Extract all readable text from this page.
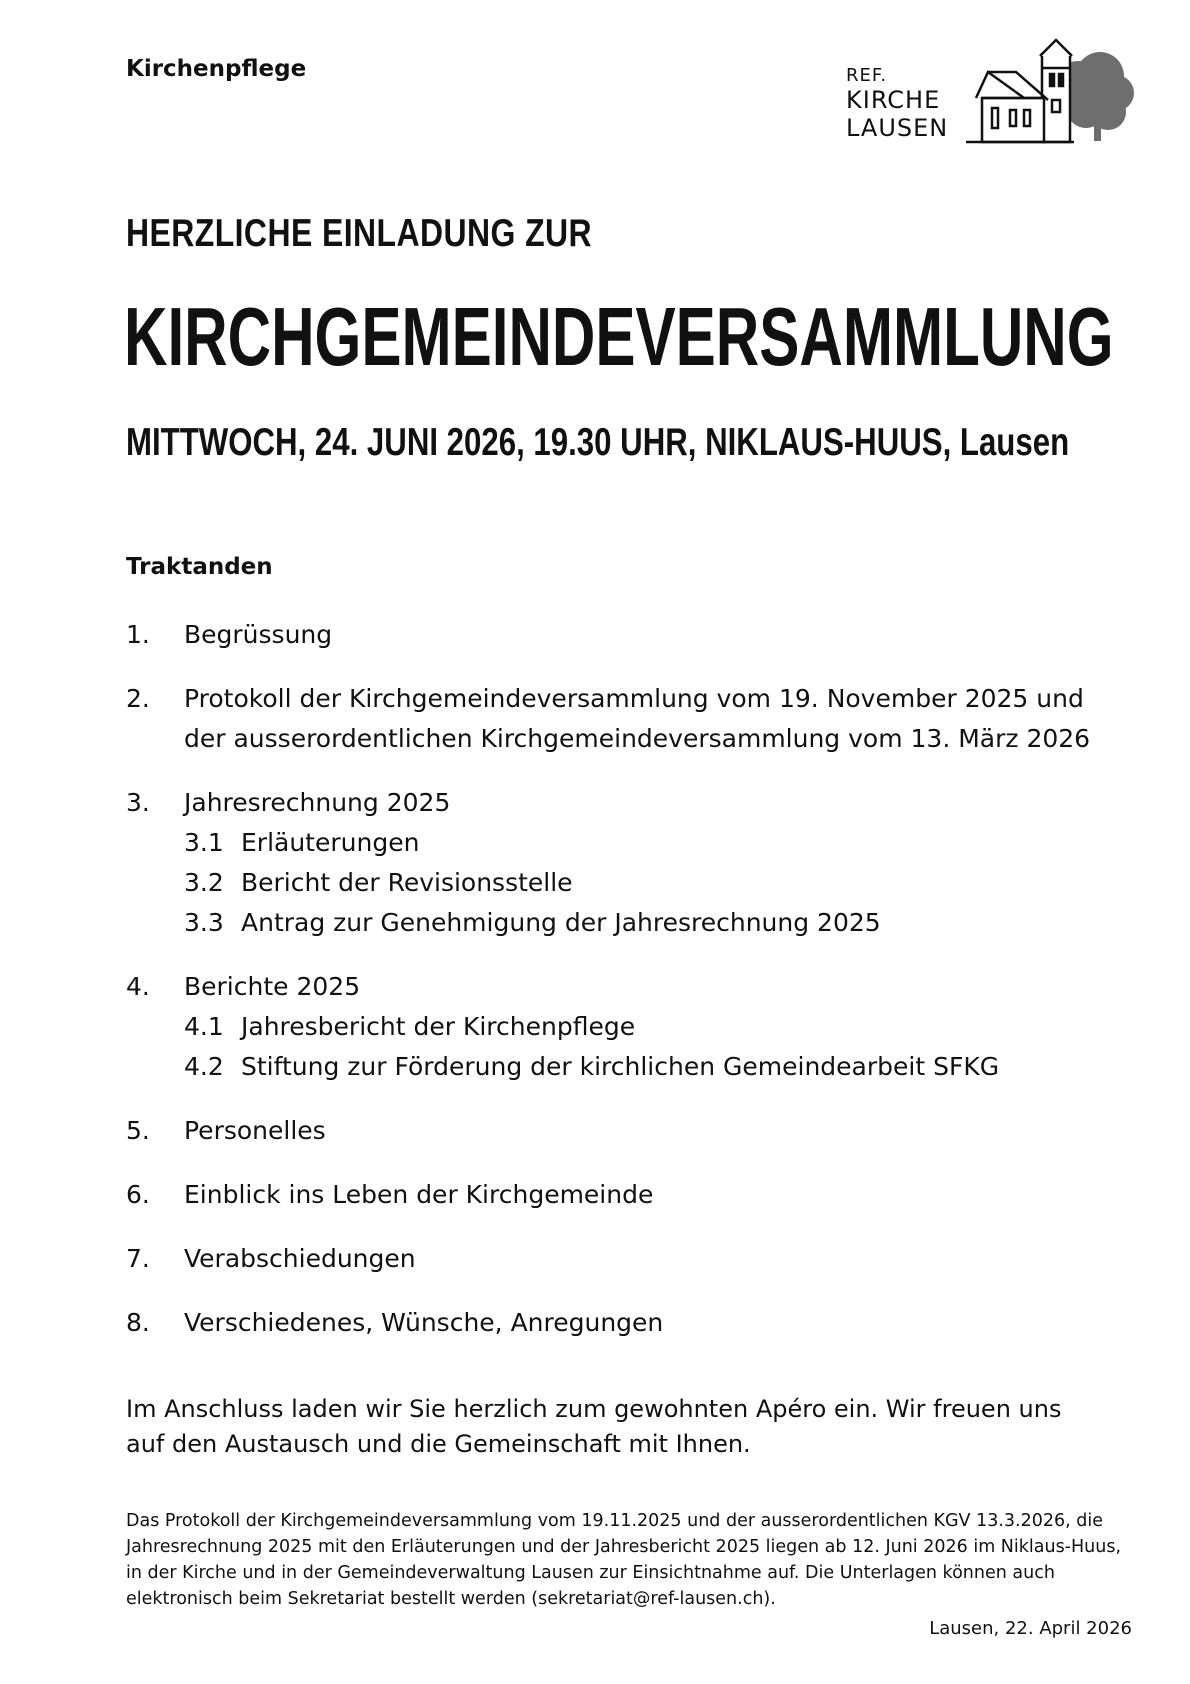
Kirchenpflege	REF.
KIRCHE
LAUSEN
HERZLICHE EINLADUNG ZUR
KIRCHGEMEINDEVERSAMMLUNG
MITTWOCH, 24. JUNI 2026, 19.30 UHR, NIKLAUS-HUUS, Lausen
Traktanden
1.	Begrüssung
2.	Protokoll der Kirchgemeindeversammlung vom 19. November 2025 und der ausserordentlichen Kirchgemeindeversammlung vom 13. März 2026
3.	Jahresrechnung 2025
3.1 Erläuterungen
3.2 Bericht der Revisionsstelle
3.3 Antrag zur Genehmigung der Jahresrechnung 2025
4.	Berichte 2025
4.1 Jahresbericht der Kirchenpflege
4.2 Stiftung zur Förderung der kirchlichen Gemeindearbeit SFKG
5.	Personelles
6.	Einblick ins Leben der Kirchgemeinde
7.	Verabschiedungen
8.	Verschiedenes, Wünsche, Anregungen
Im Anschluss laden wir Sie herzlich zum gewohnten Apéro ein. Wir freuen uns auf den Austausch und die Gemeinschaft mit Ihnen.
Das Protokoll der Kirchgemeindeversammlung vom 19.11.2025 und der ausserordentlichen KGV 13.3.2026, die Jahresrechnung 2025 mit den Erläuterungen und der Jahresbericht 2025 liegen ab 12. Juni 2026 im Niklaus-Huus, in der Kirche und in der Gemeindeverwaltung Lausen zur Einsichtnahme auf. Die Unterlagen können auch elektronisch beim Sekretariat bestellt werden (sekretariat@ref-lausen.ch).
Lausen, 22. April 2026
